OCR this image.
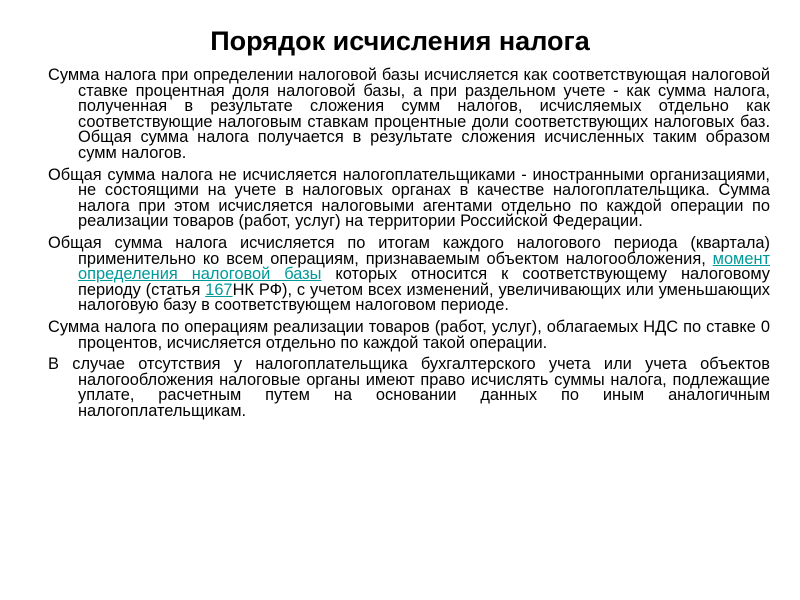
Порядок исчисления налога

Сумма налога при определении налоговой базы исчисляется как соответствующая налоговой ставке процентная доля налоговой базы, а при раздельном учете - как сумма налога, полученная в результате сложения сумм налогов, исчисляемых отдельно как соответствующие налоговым ставкам процентные доли соответствующих налоговых баз. Общая сумма налога получается в результате сложения исчисленных таким образом сумм налогов.

Общая сумма налога не исчисляется налогоплательщиками - иностранными организациями, не состоящими на учете в налоговых органах в качестве налогоплательщика. Сумма налога при этом исчисляется налоговыми агентами отдельно по каждой операции по реализации товаров (работ, услуг) на территории Российской Федерации.

Общая сумма налога исчисляется по итогам каждого налогового периода (квартала) применительно ко всем операциям, признаваемым объектом налогообложения, момент определения налоговой базы которых относится к соответствующему налоговому периоду (статья 167НК РФ), с учетом всех изменений, увеличивающих или уменьшающих налоговую базу в соответствующем налоговом периоде.

Сумма налога по операциям реализации товаров (работ, услуг), облагаемых НДС по ставке 0 процентов, исчисляется отдельно по каждой такой операции.

В случае отсутствия у налогоплательщика бухгалтерского учета или учета объектов налогообложения налоговые органы имеют право исчислять суммы налога, подлежащие уплате, расчетным путем на основании данных по иным аналогичным налогоплательщикам.
